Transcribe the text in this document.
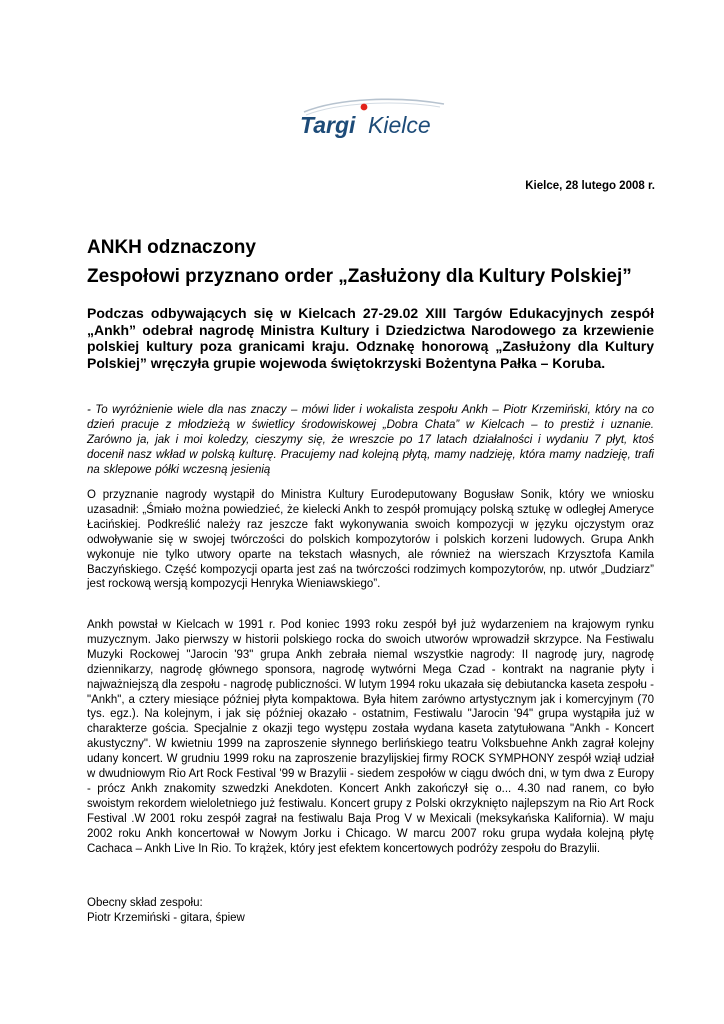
Targi Kielce
Kielce, 28 lutego 2008 r.
ANKH odznaczony
Zespołowi przyznano order „Zasłużony dla Kultury Polskiej”

Podczas odbywających się w Kielcach 27-29.02 XIII Targów Edukacyjnych zespół „Ankh” odebrał nagrodę Ministra Kultury i Dziedzictwa Narodowego za krzewienie polskiej kultury poza granicami kraju. Odznakę honorową „Zasłużony dla Kultury Polskiej” wręczyła grupie wojewoda świętokrzyski Bożentyna Pałka – Koruba.

- To wyróżnienie wiele dla nas znaczy – mówi lider i wokalista zespołu Ankh – Piotr Krzemiński, który na co dzień pracuje z młodzieżą w świetlicy środowiskowej „Dobra Chata” w Kielcach – to prestiż i uznanie. Zarówno ja, jak i moi koledzy, cieszymy się, że wreszcie po 17 latach działalności i wydaniu 7 płyt, ktoś docenił nasz wkład w polską kulturę. Pracujemy nad kolejną płytą, mamy nadzieję, która mamy nadzieję, trafi na sklepowe półki wczesną jesienią

O przyznanie nagrody wystąpił do Ministra Kultury Eurodeputowany Bogusław Sonik, który we wniosku uzasadnił: „Śmiało można powiedzieć, że kielecki Ankh to zespół promujący polską sztukę w odległej Ameryce Łacińskiej. Podkreślić należy raz jeszcze fakt wykonywania swoich kompozycji w języku ojczystym oraz odwoływanie się w swojej twórczości do polskich kompozytorów i polskich korzeni ludowych. Grupa Ankh wykonuje nie tylko utwory oparte na tekstach własnych, ale również na wierszach Krzysztofa Kamila Baczyńskiego. Część kompozycji oparta jest zaś na twórczości rodzimych kompozytorów, np. utwór „Dudziarz” jest rockową wersją kompozycji Henryka Wieniawskiego”.

Ankh powstał w Kielcach w 1991 r. Pod koniec 1993 roku zespół był już wydarzeniem na krajowym rynku muzycznym. Jako pierwszy w historii polskiego rocka do swoich utworów wprowadził skrzypce. Na Festiwalu Muzyki Rockowej "Jarocin '93" grupa Ankh zebrała niemal wszystkie nagrody: II nagrodę jury, nagrodę dziennikarzy, nagrodę głównego sponsora, nagrodę wytwórni Mega Czad - kontrakt na nagranie płyty i najważniejszą dla zespołu - nagrodę publiczności. W lutym 1994 roku ukazała się debiutancka kaseta zespołu - "Ankh", a cztery miesiące później płyta kompaktowa. Była hitem zarówno artystycznym jak i komercyjnym (70 tys. egz.). Na kolejnym, i jak się później okazało - ostatnim, Festiwalu "Jarocin '94" grupa wystąpiła już w charakterze gościa. Specjalnie z okazji tego występu została wydana kaseta zatytułowana "Ankh - Koncert akustyczny". W kwietniu 1999 na zaproszenie słynnego berlińskiego teatru Volksbuehne Ankh zagrał kolejny udany koncert. W grudniu 1999 roku na zaproszenie brazylijskiej firmy ROCK SYMPHONY zespół wziął udział w dwudniowym Rio Art Rock Festival '99 w Brazylii - siedem zespołów w ciągu dwóch dni, w tym dwa z Europy - prócz Ankh znakomity szwedzki Anekdoten. Koncert Ankh zakończył się o... 4.30 nad ranem, co było swoistym rekordem wieloletniego już festiwalu. Koncert grupy z Polski okrzyknięto najlepszym na Rio Art Rock Festival .W 2001 roku zespół zagrał na festiwalu Baja Prog V w Mexicali (meksykańska Kalifornia). W maju 2002 roku Ankh koncertował w Nowym Jorku i Chicago. W marcu 2007 roku grupa wydała kolejną płytę Cachaca – Ankh Live In Rio. To krążek, który jest efektem koncertowych podróży zespołu do Brazylii.

Obecny skład zespołu:
Piotr Krzemiński - gitara, śpiew
